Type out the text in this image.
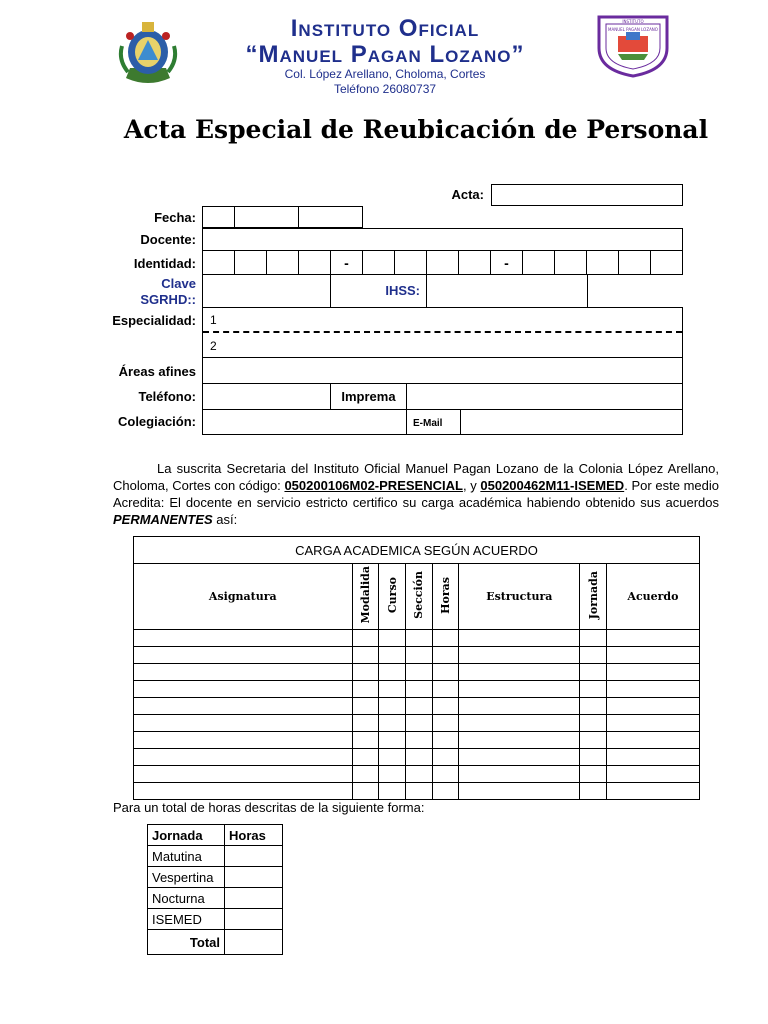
Instituto Oficial
“Manuel Pagan Lozano”
Col. López Arellano, Choloma, Cortes
Teléfono 26080737
INSTITUTO
MANUEL PAGAN LOZANO
Acta Especial de Reubicación de Personal
Acta:
Fecha:
Docente:
Identidad:	-	-
Clave
SGRHD::
IHSS:
Especialidad: 1
2
Áreas afines
Teléfono:	Imprema
Colegiación:	E-Mail
La suscrita Secretaria del Instituto Oficial Manuel Pagan Lozano de la Colonia López Arellano, Choloma, Cortes con código: 050200106M02-PRESENCIAL, y 050200462M11-ISEMED. Por este medio Acredita: El docente en servicio estricto certifico su carga académica habiendo obtenido sus acuerdos PERMANENTES así:
CARGA ACADEMICA SEGÚN ACUERDO							
Asignatura	Modalida	Curso	Sección	Horas	Estructura	Jornada	Acuerdo

Para un total de horas descritas de la siguiente forma:
Jornada	Horas
Matutina	
Vespertina	
Nocturna	
ISEMED	
Total	
